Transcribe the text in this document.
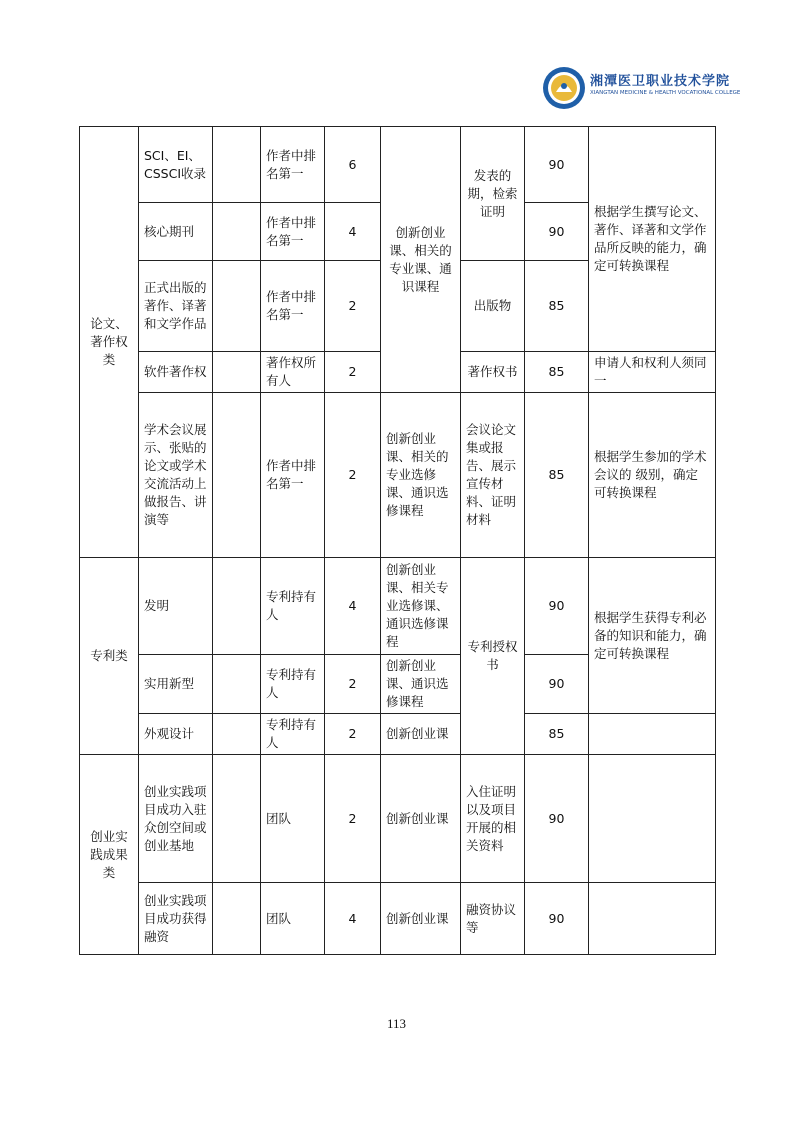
湘潭医卫职业技术学院
XIANGTAN MEDICINE & HEALTH VOCATIONAL COLLEGE
论文、著作权类	SCI、EI、CSSCI收录		作者中排名第一	6	创新创业课、相关的专业课、通识课程	发表的期，检索证明	90	根据学生撰写论文、著作、译著和文学作品所反映的能力，确定可转换课程
	核心期刊		作者中排名第一	4			90	
	正式出版的著作、译著和文学作品		作者中排名第一	2		出版物	85	
	软件著作权		著作权所有人	2		著作权书	85	申请人和权利人须同一
	学术会议展示、张贴的论文或学术交流活动上做报告、讲演等		作者中排名第一	2	创新创业课、相关的专业选修课、通识选修课程	会议论文集或报告、展示宣传材料、证明材料	85	根据学生参加的学术会议的 级别，确定可转换课程
专利类	发明		专利持有人	4	创新创业课、相关专业选修课、通识选修课程	专利授权书	90	根据学生获得专利必备的知识和能力，确定可转换课程
	实用新型		专利持有人	2	创新创业课、通识选修课程		90	
	外观设计		专利持有人	2	创新创业课		85	
创业实践成果类	创业实践项目成功入驻众创空间或创业基地		团队	2	创新创业课	入住证明以及项目开展的相关资料	90	
	创业实践项目成功获得融资		团队	4	创新创业课	融资协议等	90	
113
